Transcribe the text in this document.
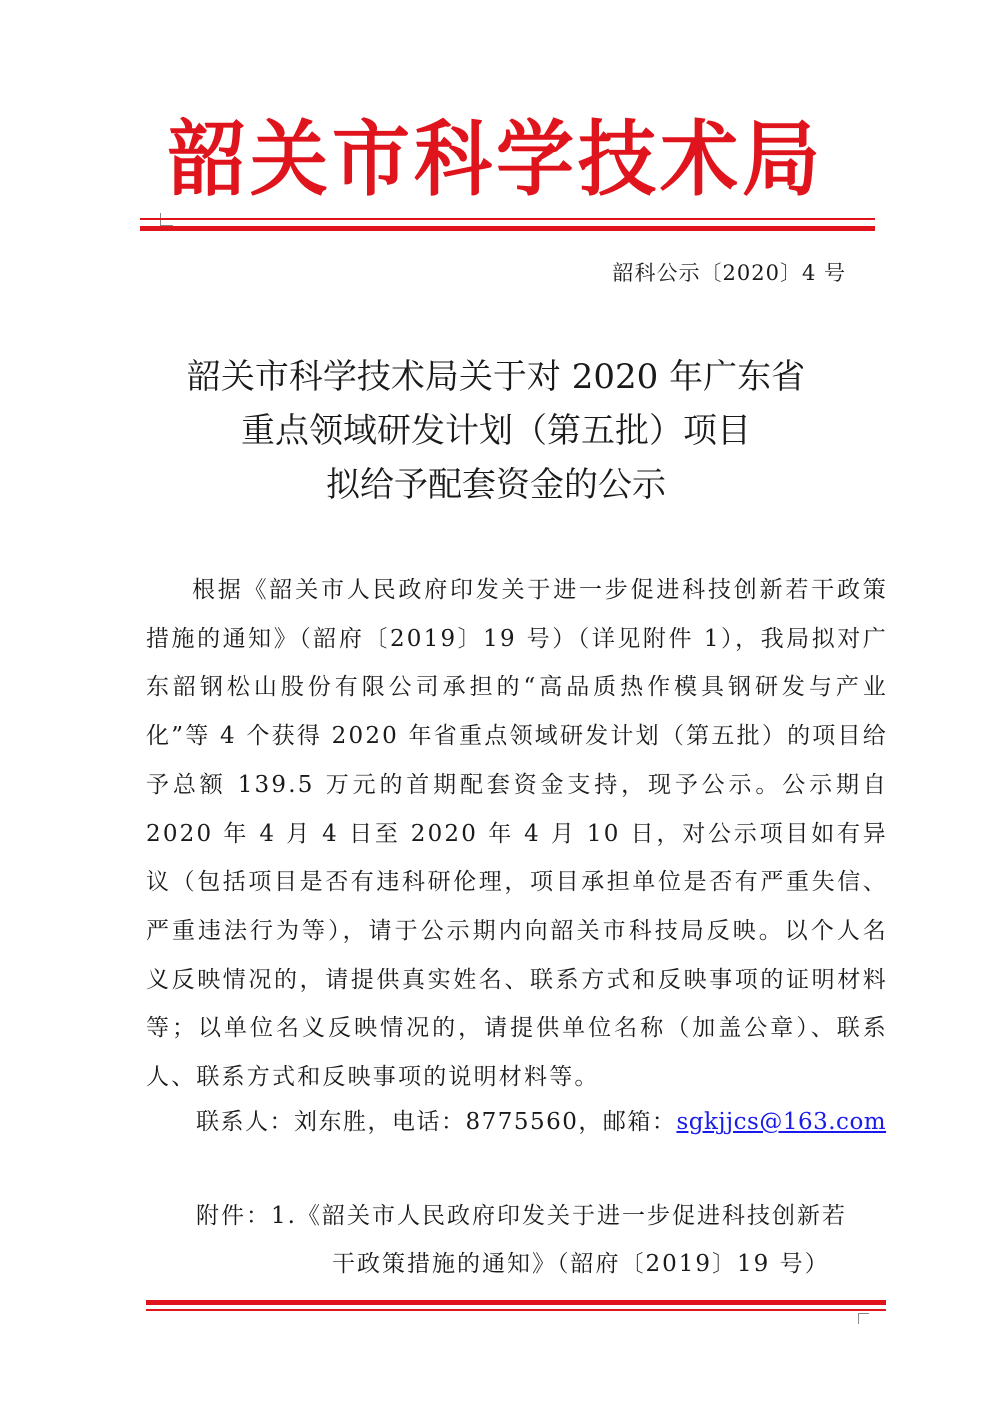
韶关市科学技术局
韶科公示〔2020〕4 号
韶关市科学技术局关于对 2020 年广东省
重点领域研发计划（第五批）项目
拟给予配套资金的公示

根据《韶关市人民政府印发关于进一步促进科技创新若干政策措施的通知》（韶府〔2019〕19 号）（详见附件 1），我局拟对广东韶钢松山股份有限公司承担的“高品质热作模具钢研发与产业化”等 4 个获得 2020 年省重点领域研发计划（第五批）的项目给予总额 139.5 万元的首期配套资金支持，现予公示。公示期自 2020 年 4 月 4 日至 2020 年 4 月 10 日，对公示项目如有异议（包括项目是否有违科研伦理，项目承担单位是否有严重失信、严重违法行为等），请于公示期内向韶关市科技局反映。以个人名义反映情况的，请提供真实姓名、联系方式和反映事项的证明材料等；以单位名义反映情况的，请提供单位名称（加盖公章）、联系人、联系方式和反映事项的说明材料等。

联系人：刘东胜，电话：8775560，邮箱：sgkjjcs@163.com
附件：1.《韶关市人民政府印发关于进一步促进科技创新若
干政策措施的通知》（韶府〔2019〕19 号）
